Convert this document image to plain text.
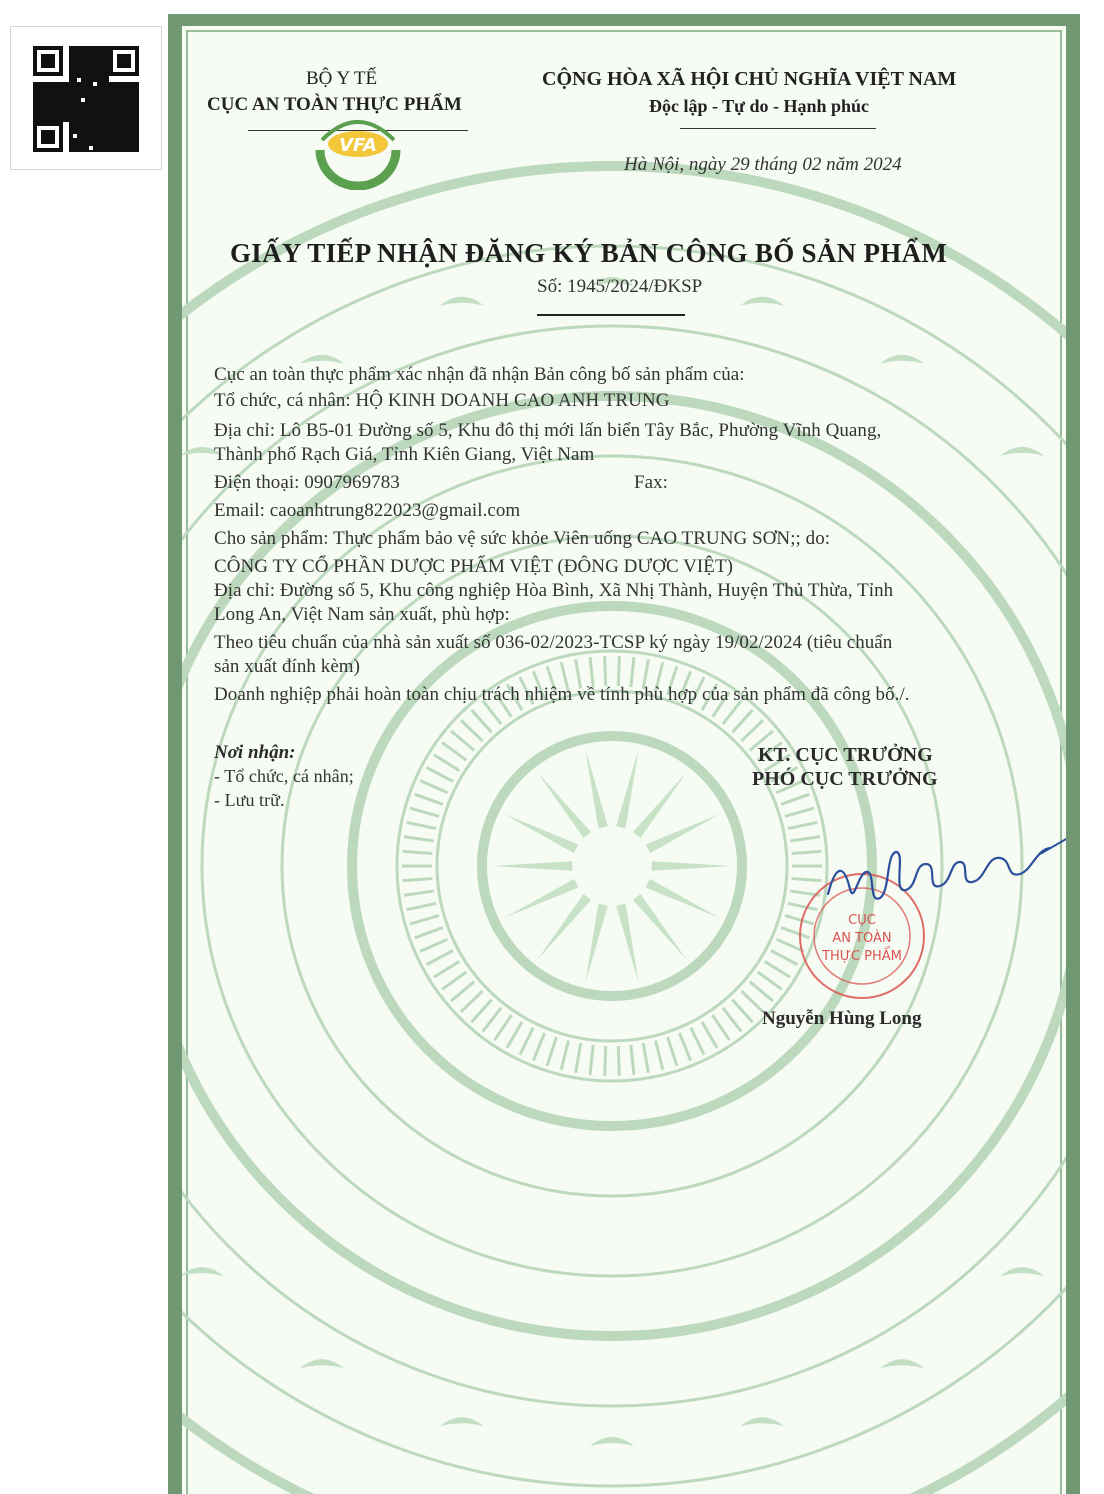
BỘ Y TẾ
CỤC AN TOÀN THỰC PHẨM
VFA
CỘNG HÒA XÃ HỘI CHỦ NGHĨA VIỆT NAM
Độc lập - Tự do - Hạnh phúc
Hà Nội, ngày 29 tháng 02 năm 2024
GIẤY TIẾP NHẬN ĐĂNG KÝ BẢN CÔNG BỐ SẢN PHẨM
Số: 1945/2024/ĐKSP
Cục an toàn thực phẩm xác nhận đã nhận Bản công bố sản phẩm của:
Tổ chức, cá nhân: HỘ KINH DOANH CAO ANH TRUNG
Địa chỉ: Lô B5-01 Đường số 5, Khu đô thị mới lấn biển Tây Bắc, Phường Vĩnh Quang,
Thành phố Rạch Giá, Tỉnh Kiên Giang, Việt Nam
Điện thoại: 0907969783	Fax:
Email: caoanhtrung822023@gmail.com
Cho sản phẩm: Thực phẩm bảo vệ sức khỏe Viên uống CAO TRUNG SƠN;; do:
CÔNG TY CỔ PHẦN DƯỢC PHẨM VIỆT (ĐÔNG DƯỢC VIỆT)
Địa chỉ: Đường số 5, Khu công nghiệp Hòa Bình, Xã Nhị Thành, Huyện Thủ Thừa, Tỉnh
Long An, Việt Nam sản xuất, phù hợp:
Theo tiêu chuẩn của nhà sản xuất số 036-02/2023-TCSP ký ngày 19/02/2024 (tiêu chuẩn
sản xuất đính kèm)
Doanh nghiệp phải hoàn toàn chịu trách nhiệm về tính phù hợp của sản phẩm đã công bố./.
Nơi nhận:
- Tổ chức, cá nhân;
- Lưu trữ.
KT. CỤC TRƯỞNG
PHÓ CỤC TRƯỞNG
CỤC
AN TOÀN
THỰC PHẨM
Nguyễn Hùng Long
